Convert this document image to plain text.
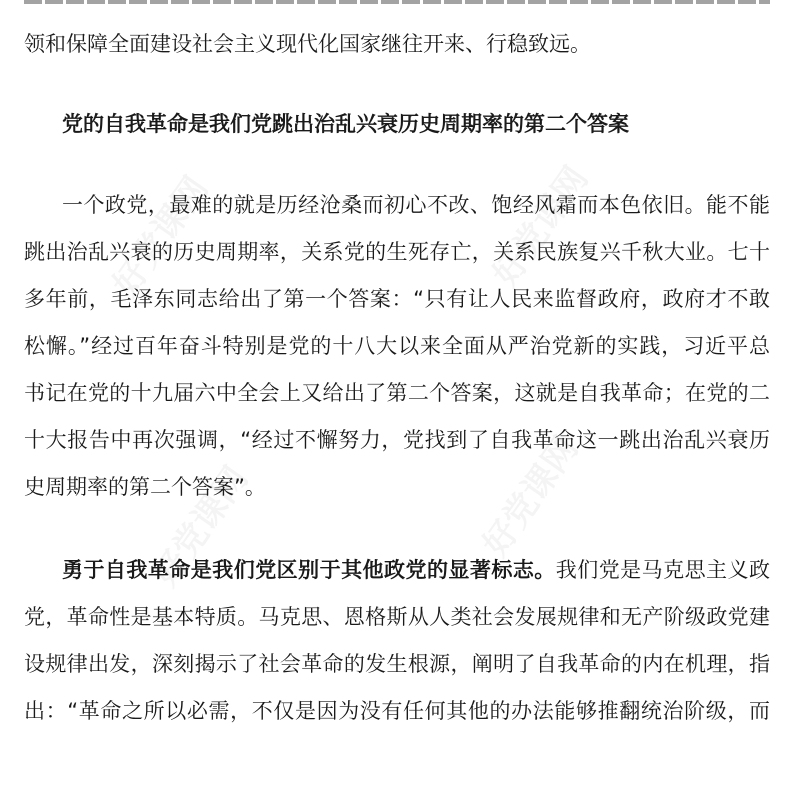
领和保障全面建设社会主义现代化国家继往开来、行稳致远。
党的自我革命是我们党跳出治乱兴衰历史周期率的第二个答案
一个政党，最难的就是历经沧桑而初心不改、饱经风霜而本色依旧。能不能
跳出治乱兴衰的历史周期率，关系党的生死存亡，关系民族复兴千秋大业。七十
多年前，毛泽东同志给出了第一个答案：“只有让人民来监督政府，政府才不敢
松懈。”经过百年奋斗特别是党的十八大以来全面从严治党新的实践，习近平总
书记在党的十九届六中全会上又给出了第二个答案，这就是自我革命；在党的二
十大报告中再次强调，“经过不懈努力，党找到了自我革命这一跳出治乱兴衰历
史周期率的第二个答案”。
勇于自我革命是我们党区别于其他政党的显著标志。我们党是马克思主义政
党，革命性是基本特质。马克思、恩格斯从人类社会发展规律和无产阶级政党建
设规律出发，深刻揭示了社会革命的发生根源，阐明了自我革命的内在机理，指
出：“革命之所以必需，不仅是因为没有任何其他的办法能够推翻统治阶级，而
